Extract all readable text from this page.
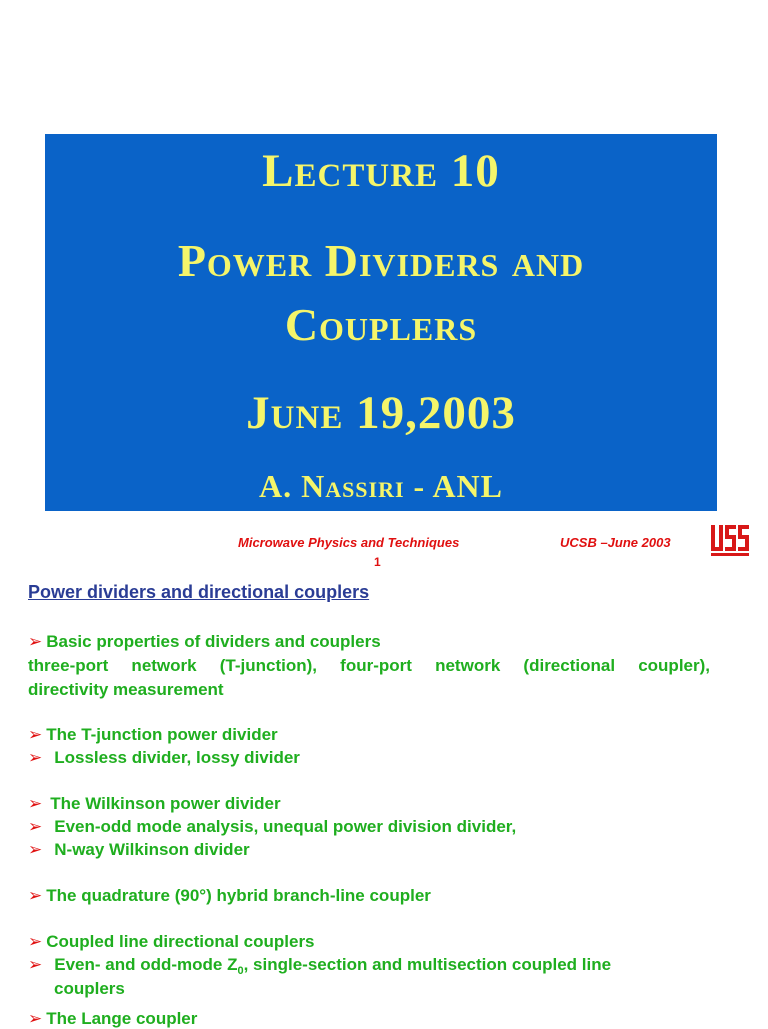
Lecture 10
Power Dividers and
Couplers
June 19,2003
A. Nassiri - ANL
Microwave Physics and Techniques	UCSB –June 2003
1
Power dividers and directional couplers
➢ Basic properties of dividers and couplers
three-port network (T-junction), four-port network (directional coupler),
directivity measurement
➢ The T-junction power divider
➢ Lossless divider, lossy divider
➢ The Wilkinson power divider
➢ Even-odd mode analysis, unequal power division divider,
➢ N-way Wilkinson divider
➢ The quadrature (90°) hybrid branch-line coupler
➢ Coupled line directional couplers
➢ Even- and odd-mode $Z_0$, single-section and multisection coupled line
couplers
➢ The Lange coupler
